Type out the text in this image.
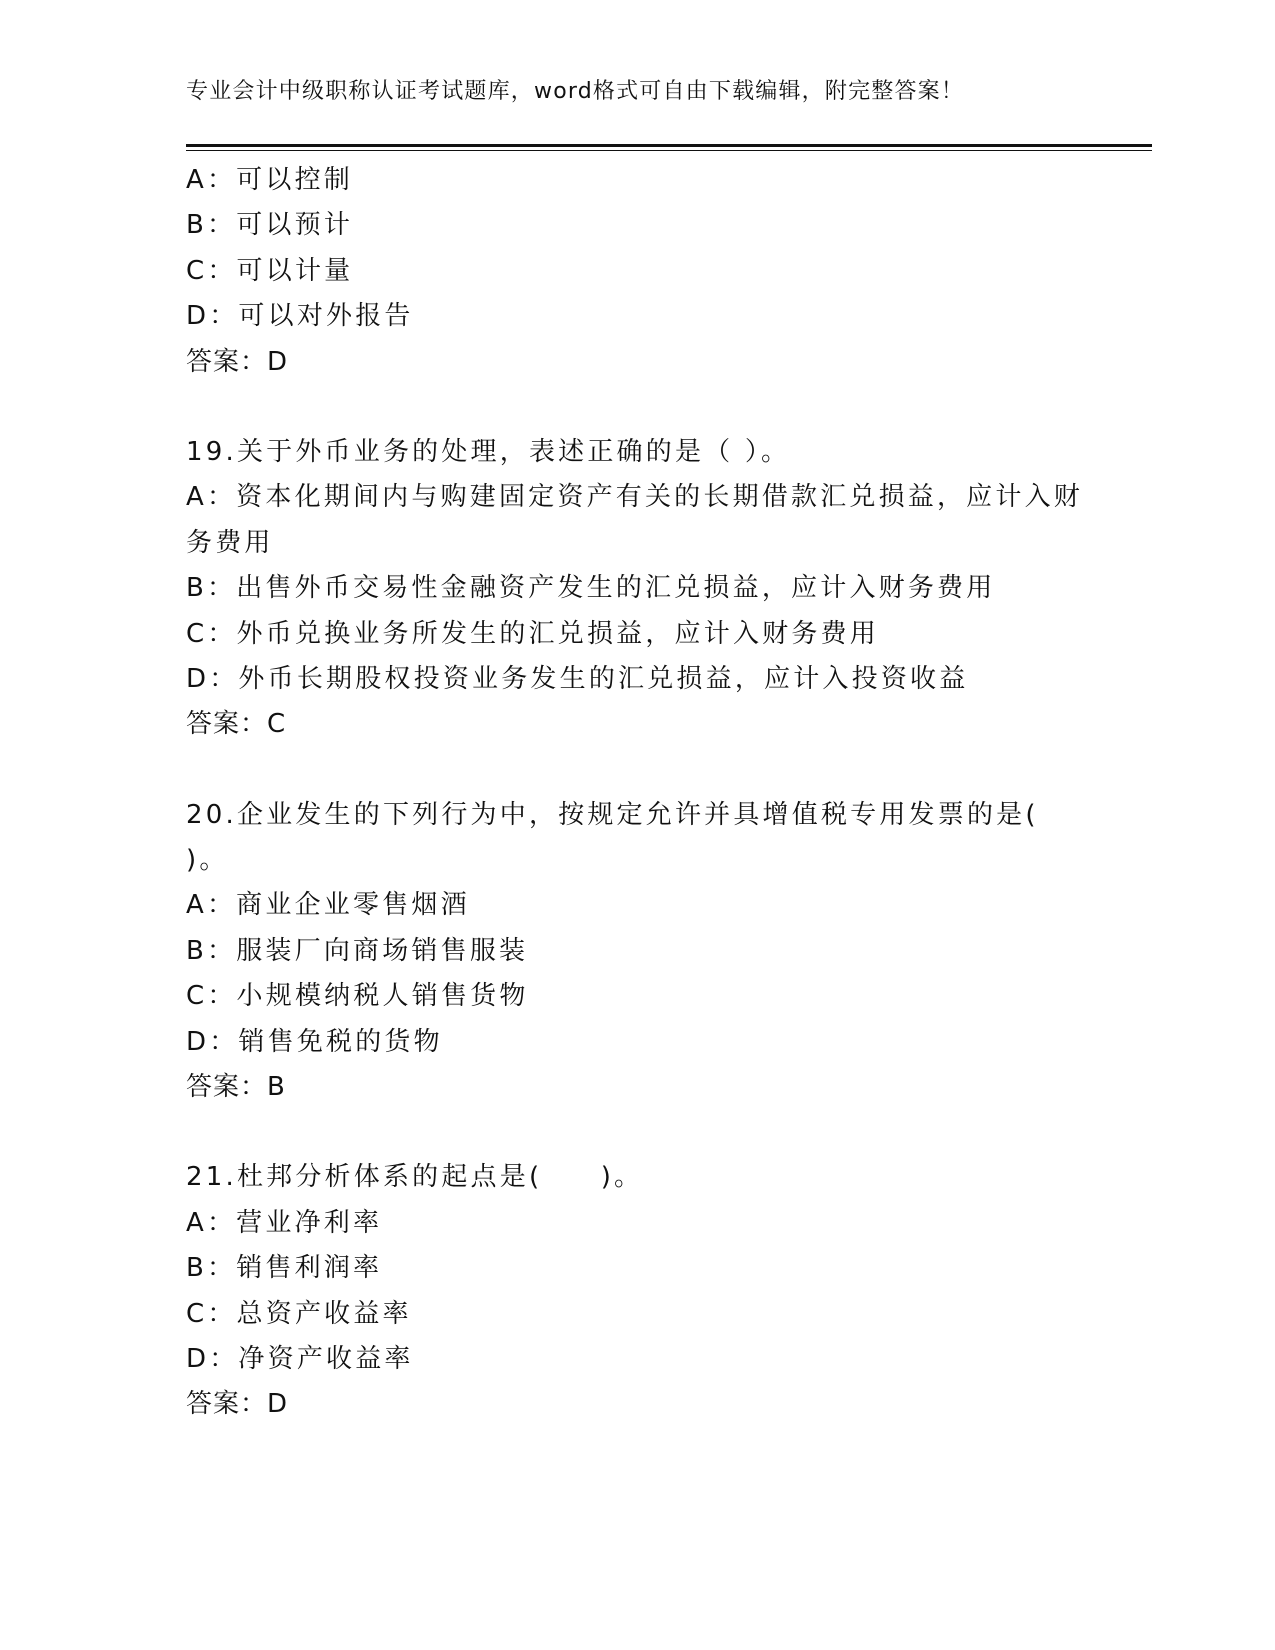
专业会计中级职称认证考试题库，word格式可自由下载编辑，附完整答案！
A：可以控制
B：可以预计
C：可以计量
D：可以对外报告
答案：D
19.关于外币业务的处理，表述正确的是（ ）。
A：资本化期间内与购建固定资产有关的长期借款汇兑损益，应计入财
务费用
B：出售外币交易性金融资产发生的汇兑损益，应计入财务费用
C：外币兑换业务所发生的汇兑损益，应计入财务费用
D：外币长期股权投资业务发生的汇兑损益，应计入投资收益
答案：C
20.企业发生的下列行为中，按规定允许并具增值税专用发票的是(
)。
A：商业企业零售烟酒
B：服装厂向商场销售服装
C：小规模纳税人销售货物
D：销售免税的货物
答案：B
21.杜邦分析体系的起点是(　　)。
A：营业净利率
B：销售利润率
C：总资产收益率
D：净资产收益率
答案：D
